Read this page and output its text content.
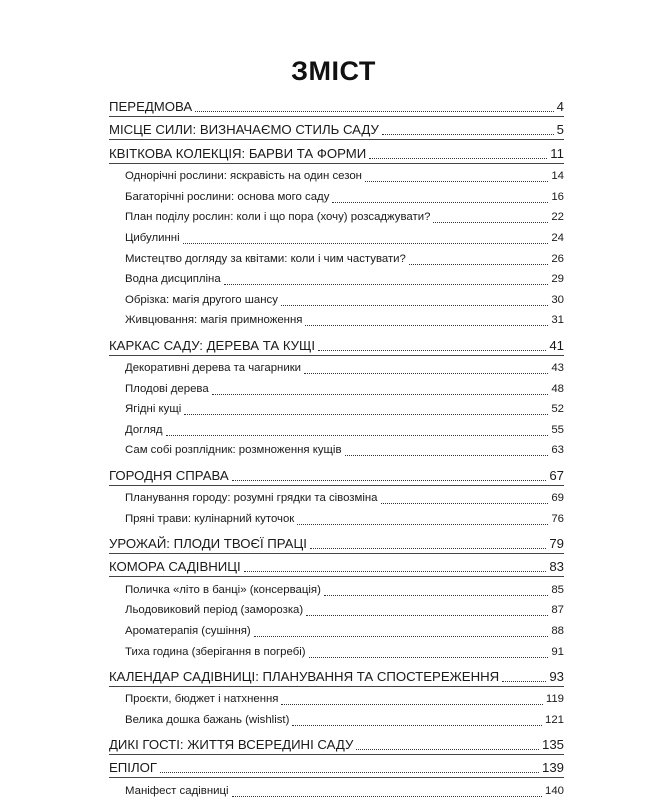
ЗМІСТ
ПЕРЕДМОВА	4
МІСЦЕ СИЛИ: ВИЗНАЧАЄМО СТИЛЬ САДУ	5
КВІТКОВА КОЛЕКЦІЯ: БАРВИ ТА ФОРМИ	11
Однорічні рослини: яскравість на один сезон	14
Багаторічні рослини: основа мого саду	16
План поділу рослин: коли і що пора (хочу) розсаджувати?	22
Цибулинні	24
Мистецтво догляду за квітами: коли і чим частувати?	26
Водна дисципліна	29
Обрізка: магія другого шансу	30
Живцювання: магія примноження	31
КАРКАС САДУ: ДЕРЕВА ТА КУЩІ	41
Декоративні дерева та чагарники	43
Плодові дерева	48
Ягідні кущі	52
Догляд	55
Сам собі розплідник: розмноження кущів	63
ГОРОДНЯ СПРАВА	67
Планування городу: розумні грядки та сівозміна	69
Пряні трави: кулінарний куточок	76
УРОЖАЙ: ПЛОДИ ТВОЄЇ ПРАЦІ	79
КОМОРА САДІВНИЦІ	83
Поличка «літо в банці» (консервація)	85
Льодовиковий період (заморозка)	87
Ароматерапія (сушіння)	88
Тиха година (зберігання в погребі)	91
КАЛЕНДАР САДІВНИЦІ: ПЛАНУВАННЯ ТА СПОСТЕРЕЖЕННЯ	93
Проєкти, бюджет і натхнення	119
Велика дошка бажань (wishlist)	121
ДИКІ ГОСТІ: ЖИТТЯ ВСЕРЕДИНІ САДУ	135
ЕПІЛОГ	139
Маніфест садівниці	140
